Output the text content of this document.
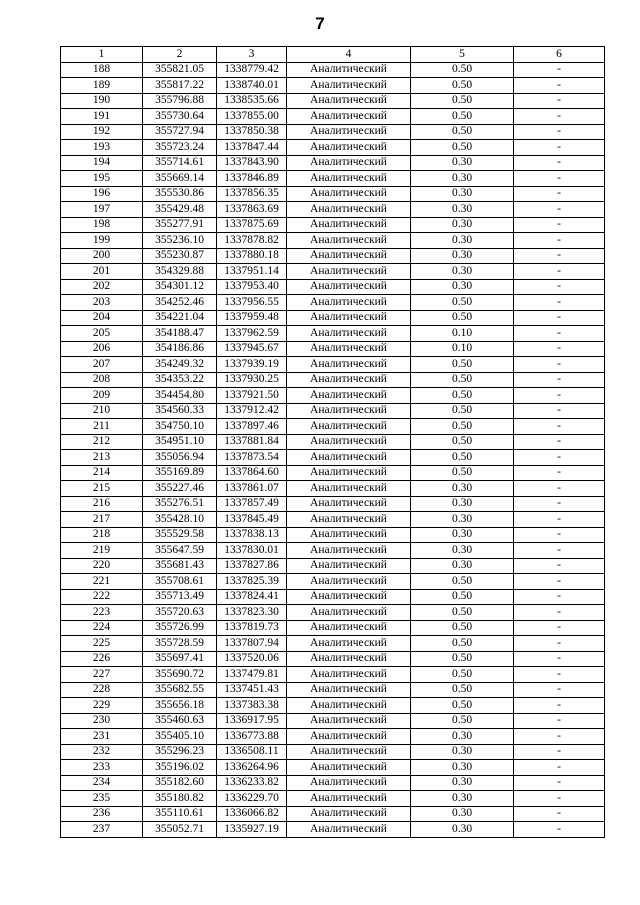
7
1	2	3	4	5	6
188	355821.05	1338779.42	Аналитический	0.50	-
189	355817.22	1338740.01	Аналитический	0.50	-
190	355796.88	1338535.66	Аналитический	0.50	-
191	355730.64	1337855.00	Аналитический	0.50	-
192	355727.94	1337850.38	Аналитический	0.50	-
193	355723.24	1337847.44	Аналитический	0.50	-
194	355714.61	1337843.90	Аналитический	0.30	-
195	355669.14	1337846.89	Аналитический	0.30	-
196	355530.86	1337856.35	Аналитический	0.30	-
197	355429.48	1337863.69	Аналитический	0.30	-
198	355277.91	1337875.69	Аналитический	0.30	-
199	355236.10	1337878.82	Аналитический	0.30	-
200	355230.87	1337880.18	Аналитический	0.30	-
201	354329.88	1337951.14	Аналитический	0.30	-
202	354301.12	1337953.40	Аналитический	0.30	-
203	354252.46	1337956.55	Аналитический	0.50	-
204	354221.04	1337959.48	Аналитический	0.50	-
205	354188.47	1337962.59	Аналитический	0.10	-
206	354186.86	1337945.67	Аналитический	0.10	-
207	354249.32	1337939.19	Аналитический	0.50	-
208	354353.22	1337930.25	Аналитический	0.50	-
209	354454.80	1337921.50	Аналитический	0.50	-
210	354560.33	1337912.42	Аналитический	0.50	-
211	354750.10	1337897.46	Аналитический	0.50	-
212	354951.10	1337881.84	Аналитический	0.50	-
213	355056.94	1337873.54	Аналитический	0.50	-
214	355169.89	1337864.60	Аналитический	0.50	-
215	355227.46	1337861.07	Аналитический	0.30	-
216	355276.51	1337857.49	Аналитический	0.30	-
217	355428.10	1337845.49	Аналитический	0.30	-
218	355529.58	1337838.13	Аналитический	0.30	-
219	355647.59	1337830.01	Аналитический	0.30	-
220	355681.43	1337827.86	Аналитический	0.30	-
221	355708.61	1337825.39	Аналитический	0.50	-
222	355713.49	1337824.41	Аналитический	0.50	-
223	355720.63	1337823.30	Аналитический	0.50	-
224	355726.99	1337819.73	Аналитический	0.50	-
225	355728.59	1337807.94	Аналитический	0.50	-
226	355697.41	1337520.06	Аналитический	0.50	-
227	355690.72	1337479.81	Аналитический	0.50	-
228	355682.55	1337451.43	Аналитический	0.50	-
229	355656.18	1337383.38	Аналитический	0.50	-
230	355460.63	1336917.95	Аналитический	0.50	-
231	355405.10	1336773.88	Аналитический	0.30	-
232	355296.23	1336508.11	Аналитический	0.30	-
233	355196.02	1336264.96	Аналитический	0.30	-
234	355182.60	1336233.82	Аналитический	0.30	-
235	355180.82	1336229.70	Аналитический	0.30	-
236	355110.61	1336066.82	Аналитический	0.30	-
237	355052.71	1335927.19	Аналитический	0.30	-
